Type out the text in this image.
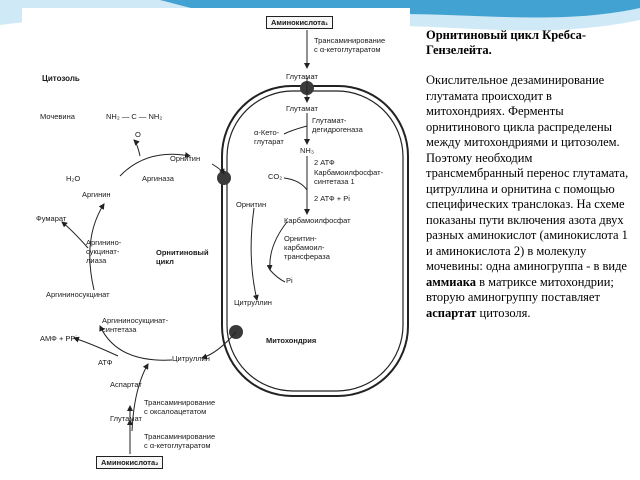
Цитозоль
Аминокислота₁
Трансаминирование
с α-кетоглутаратом
Глутамат
Глутамат
Глутамат-
дегидрогеназа
α-Кето-
глутарат
NH₃
2 АТФ
Карбамоилфосфат-
синтетаза 1
CO₂
2 АТФ + Pi
Орнитин
Карбамоилфосфат
Орнитин-
карбамоил-
трансфераза
Pi
Цитруллин
Митохондрия
Мочевина	NH₂ — C — NH₂
O
H₂O
Орнитин
Аргиназа
Аргинин
Фумарат
Аргинино-
сукцинат-
лиаза
Орнитиновый
цикл
Аргининосукцинат
Аргининосукцинат-
синтетаза
АМФ + PPi
АТФ	Цитруллин
Аспартат
Трансаминирование
с оксалоацетатом
Глутамат
Трансаминирование
с α-кетоглутаратом
Аминокислота₂

Орнитиновый цикл Кребса-Гензелейта.

Окислительное дезаминирование глутамата происходит в митохондриях. Ферменты орнитинового цикла распределены между митохондриями и цитозолем. Поэтому необходим трансмембранный перенос глутамата, цитруллина и орнитина с помощью специфических транслоказ. На схеме показаны пути включения азота двух разных аминокислот (аминокислота 1 и аминокислота 2) в молекулу мочевины: одна аминогруппа - в виде аммиака в матриксе митохондрии; вторую аминогруппу поставляет аспартат цитозоля.
